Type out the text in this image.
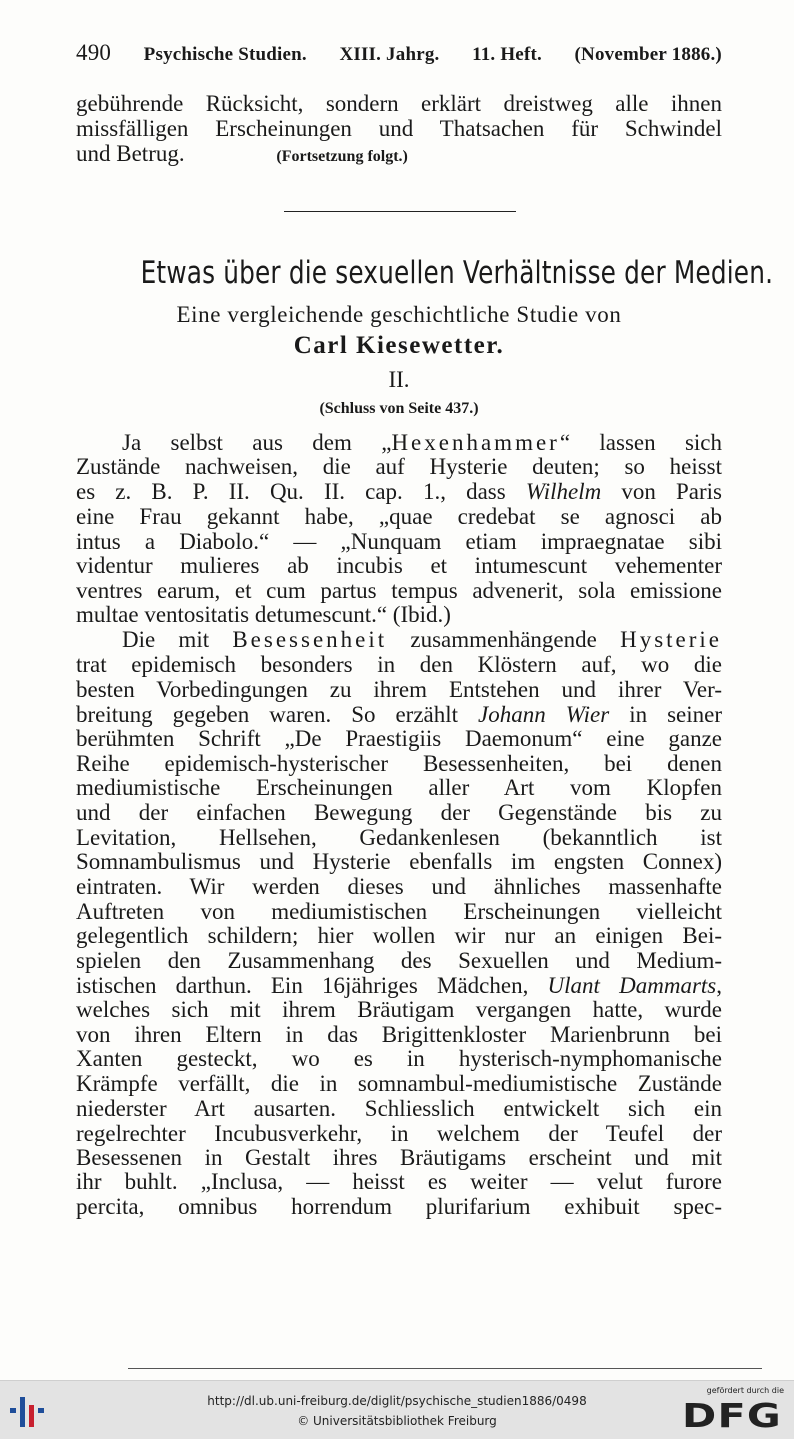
490 Psychische Studien. XIII. Jahrg. 11. Heft. (November 1886.)
gebührende Rücksicht, sondern erklärt dreistweg alle ihnen
missfälligen Erscheinungen und Thatsachen für Schwindel
und Betrug.	(Fortsetzung folgt.)
Etwas über die sexuellen Verhältnisse der Medien.
Eine vergleichende geschichtliche Studie von
Carl Kiesewetter.
II.
(Schluss von Seite 437.)
Ja selbst aus dem „Hexenhammer“ lassen sich
Zustände nachweisen, die auf Hysterie deuten; so heisst
es z. B. P. II. Qu. II. cap. 1., dass Wilhelm von Paris
eine Frau gekannt habe, „quae credebat se agnosci ab
intus a Diabolo.“ — „Nunquam etiam impraegnatae sibi
videntur mulieres ab incubis et intumescunt vehementer
ventres earum, et cum partus tempus advenerit, sola emissione
multae ventositatis detumescunt.“ (Ibid.)
Die mit Besessenheit zusammenhängende Hysterie
trat epidemisch besonders in den Klöstern auf, wo die
besten Vorbedingungen zu ihrem Entstehen und ihrer Ver-
breitung gegeben waren. So erzählt Johann Wier in seiner
berühmten Schrift „De Praestigiis Daemonum“ eine ganze
Reihe epidemisch-hysterischer Besessenheiten, bei denen
mediumistische Erscheinungen aller Art vom Klopfen
und der einfachen Bewegung der Gegenstände bis zu
Levitation, Hellsehen, Gedankenlesen (bekanntlich ist
Somnambulismus und Hysterie ebenfalls im engsten Connex)
eintraten. Wir werden dieses und ähnliches massenhafte
Auftreten von mediumistischen Erscheinungen vielleicht
gelegentlich schildern; hier wollen wir nur an einigen Bei-
spielen den Zusammenhang des Sexuellen und Medium-
istischen darthun. Ein 16jähriges Mädchen, Ulant Dammarts,
welches sich mit ihrem Bräutigam vergangen hatte, wurde
von ihren Eltern in das Brigittenkloster Marienbrunn bei
Xanten gesteckt, wo es in hysterisch-nymphomanische
Krämpfe verfällt, die in somnambul-mediumistische Zustände
niederster Art ausarten. Schliesslich entwickelt sich ein
regelrechter Incubusverkehr, in welchem der Teufel der
Besessenen in Gestalt ihres Bräutigams erscheint und mit
ihr buhlt. „Inclusa, — heisst es weiter — velut furore
percita, omnibus horrendum plurifarium exhibuit spec-
http://dl.ub.uni-freiburg.de/diglit/psychische_studien1886/0498
© Universitätsbibliothek Freiburg
gefördert durch die
DFG
